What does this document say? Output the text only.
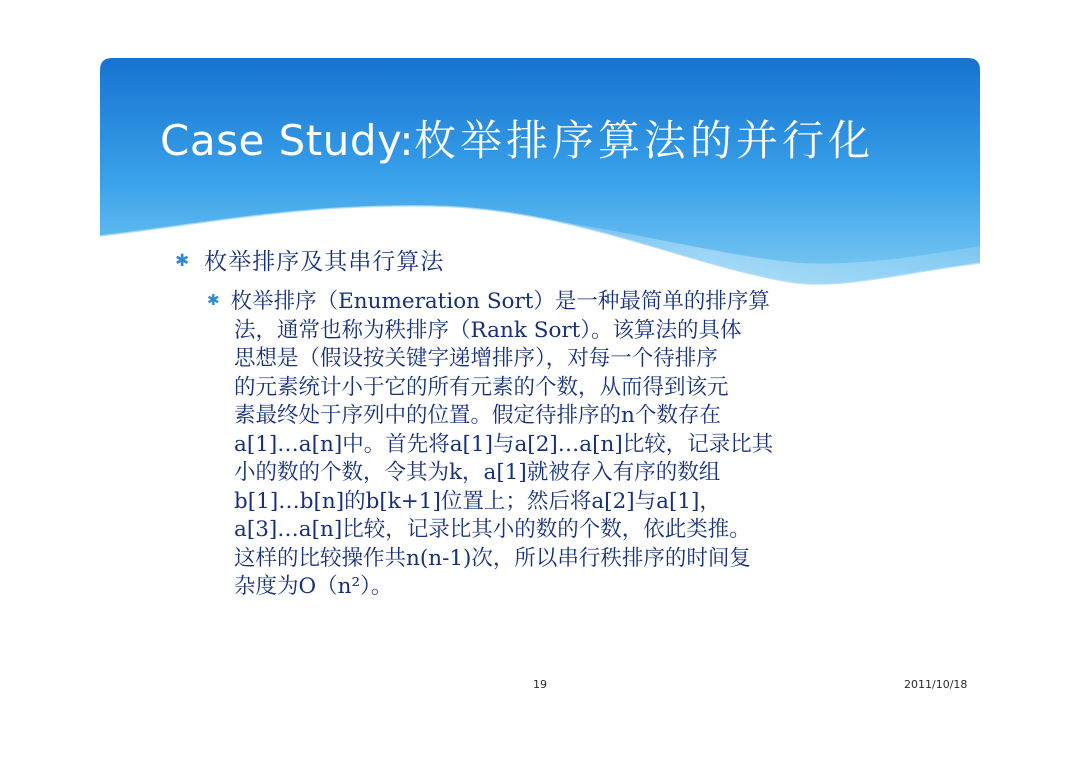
Case Study:枚举排序算法的并行化
✱ 枚举排序及其串行算法
✱ 枚举排序（Enumeration Sort）是一种最简单的排序算
法，通常也称为秩排序（Rank Sort）。该算法的具体
思想是（假设按关键字递增排序），对每一个待排序
的元素统计小于它的所有元素的个数，从而得到该元
素最终处于序列中的位置。假定待排序的n个数存在
a[1]…a[n]中。首先将a[1]与a[2]…a[n]比较，记录比其
小的数的个数，令其为k，a[1]就被存入有序的数组
b[1]…b[n]的b[k+1]位置上；然后将a[2]与a[1]，
a[3]…a[n]比较，记录比其小的数的个数，依此类推。
这样的比较操作共n(n-1)次，所以串行秩排序的时间复
杂度为O（n²）。
19	2011/10/18
